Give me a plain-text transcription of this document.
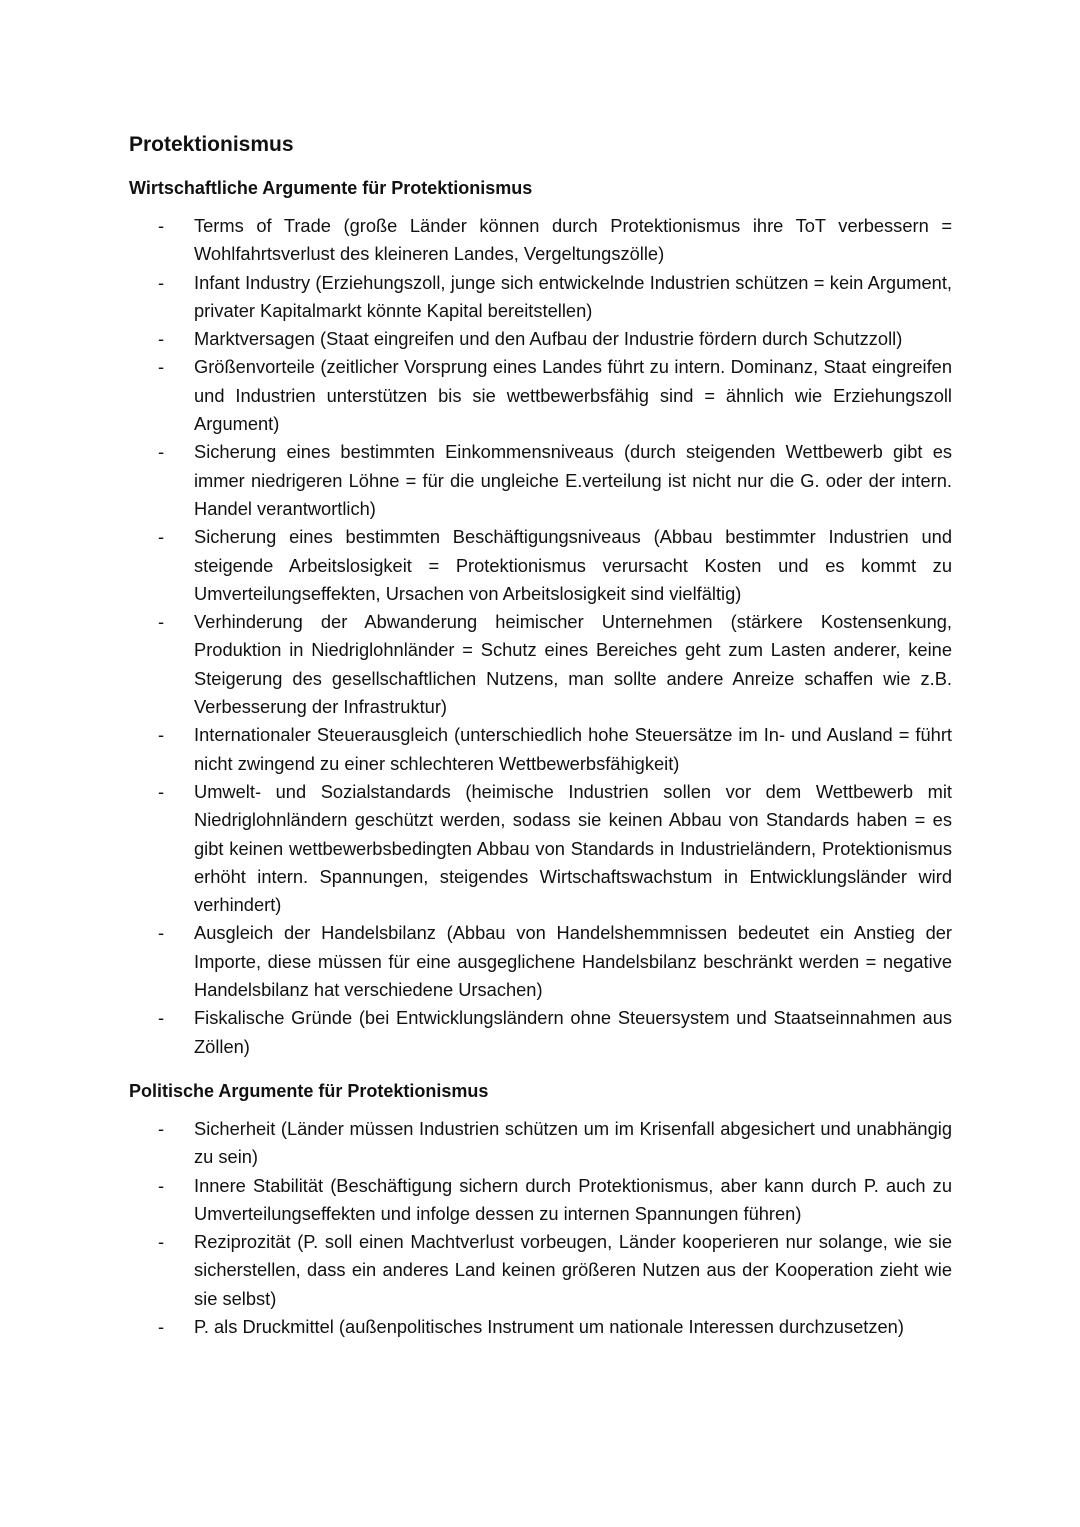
Protektionismus
Wirtschaftliche Argumente für Protektionismus
- Terms of Trade (große Länder können durch Protektionismus ihre ToT verbessern = Wohlfahrtsverlust des kleineren Landes, Vergeltungszölle)
- Infant Industry (Erziehungszoll, junge sich entwickelnde Industrien schützen = kein Argument, privater Kapitalmarkt könnte Kapital bereitstellen)
- Marktversagen (Staat eingreifen und den Aufbau der Industrie fördern durch Schutzzoll)
- Größenvorteile (zeitlicher Vorsprung eines Landes führt zu intern. Dominanz, Staat eingreifen und Industrien unterstützen bis sie wettbewerbsfähig sind = ähnlich wie Erziehungszoll Argument)
- Sicherung eines bestimmten Einkommensniveaus (durch steigenden Wettbewerb gibt es immer niedrigeren Löhne = für die ungleiche E.verteilung ist nicht nur die G. oder der intern. Handel verantwortlich)
- Sicherung eines bestimmten Beschäftigungsniveaus (Abbau bestimmter Industrien und steigende Arbeitslosigkeit = Protektionismus verursacht Kosten und es kommt zu Umverteilungseffekten, Ursachen von Arbeitslosigkeit sind vielfältig)
- Verhinderung der Abwanderung heimischer Unternehmen (stärkere Kostensenkung, Produktion in Niedriglohnländer = Schutz eines Bereiches geht zum Lasten anderer, keine Steigerung des gesellschaftlichen Nutzens, man sollte andere Anreize schaffen wie z.B. Verbesserung der Infrastruktur)
- Internationaler Steuerausgleich (unterschiedlich hohe Steuersätze im In- und Ausland = führt nicht zwingend zu einer schlechteren Wettbewerbsfähigkeit)
- Umwelt- und Sozialstandards (heimische Industrien sollen vor dem Wettbewerb mit Niedriglohnländern geschützt werden, sodass sie keinen Abbau von Standards haben = es gibt keinen wettbewerbsbedingten Abbau von Standards in Industrieländern, Protektionismus erhöht intern. Spannungen, steigendes Wirtschaftswachstum in Entwicklungsländer wird verhindert)
- Ausgleich der Handelsbilanz (Abbau von Handelshemmnissen bedeutet ein Anstieg der Importe, diese müssen für eine ausgeglichene Handelsbilanz beschränkt werden = negative Handelsbilanz hat verschiedene Ursachen)
- Fiskalische Gründe (bei Entwicklungsländern ohne Steuersystem und Staatseinnahmen aus Zöllen)
Politische Argumente für Protektionismus
- Sicherheit (Länder müssen Industrien schützen um im Krisenfall abgesichert und unabhängig zu sein)
- Innere Stabilität (Beschäftigung sichern durch Protektionismus, aber kann durch P. auch zu Umverteilungseffekten und infolge dessen zu internen Spannungen führen)
- Reziprozität (P. soll einen Machtverlust vorbeugen, Länder kooperieren nur solange, wie sie sicherstellen, dass ein anderes Land keinen größeren Nutzen aus der Kooperation zieht wie sie selbst)
- P. als Druckmittel (außenpolitisches Instrument um nationale Interessen durchzusetzen)
